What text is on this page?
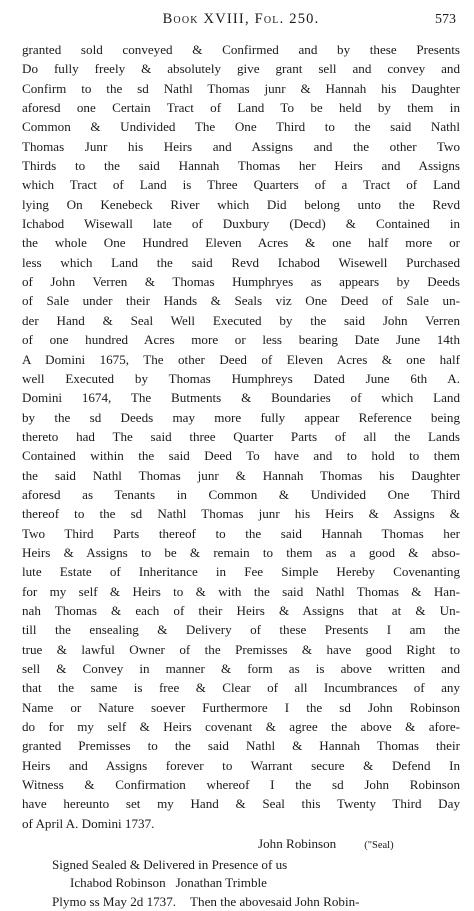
Book XVIII, Fol. 250.	573
granted sold conveyed & Confirmed and by these Presents
Do fully freely & absolutely give grant sell and convey and
Confirm to the sd Nathl Thomas junr & Hannah his Daughter
aforesd one Certain Tract of Land To be held by them in
Common & Undivided The One Third to the said Nathl
Thomas Junr his Heirs and Assigns and the other Two
Thirds to the said Hannah Thomas her Heirs and Assigns
which Tract of Land is Three Quarters of a Tract of Land
lying On Kenebeck River which Did belong unto the Revd
Ichabod Wisewall late of Duxbury (Decd) & Contained in
the whole One Hundred Eleven Acres & one half more or
less which Land the said Revd Ichabod Wisewell Purchased
of John Verren & Thomas Humphryes as appears by Deeds
of Sale under their Hands & Seals viz One Deed of Sale un-
der Hand & Seal Well Executed by the said John Verren
of one hundred Acres more or less bearing Date June 14th
A Domini 1675, The other Deed of Eleven Acres & one half
well Executed by Thomas Humphreys Dated June 6th A.
Domini 1674, The Butments & Boundaries of which Land
by the sd Deeds may more fully appear Reference being
thereto had The said three Quarter Parts of all the Lands
Contained within the said Deed To have and to hold to them
the said Nathl Thomas junr & Hannah Thomas his Daughter
aforesd as Tenants in Common & Undivided One Third
thereof to the sd Nathl Thomas junr his Heirs & Assigns &
Two Third Parts thereof to the said Hannah Thomas her
Heirs & Assigns to be & remain to them as a good & abso-
lute Estate of Inheritance in Fee Simple Hereby Covenanting
for my self & Heirs to & with the said Nathl Thomas & Han-
nah Thomas & each of their Heirs & Assigns that at & Un-
till the ensealing & Delivery of these Presents I am the
true & lawful Owner of the Premisses & have good Right to
sell & Convey in manner & form as is above written and
that the same is free & Clear of all Incumbrances of any
Name or Nature soever Furthermore I the sd John Robinson
do for my self & Heirs covenant & agree the above & afore-
granted Premisses to the said Nathl & Hannah Thomas their
Heirs and Assigns forever to Warrant secure & Defend In
Witness & Confirmation whereof I the sd John Robinson
have hereunto set my Hand & Seal this Twenty Third Day
of April A. Domini 1737.
John Robinson	("Seal)
Signed Sealed & Delivered in Presence of us
Ichabod Robinson Jonathan Trimble
Plymo ss May 2d 1737. Then the abovesaid John Robin-
